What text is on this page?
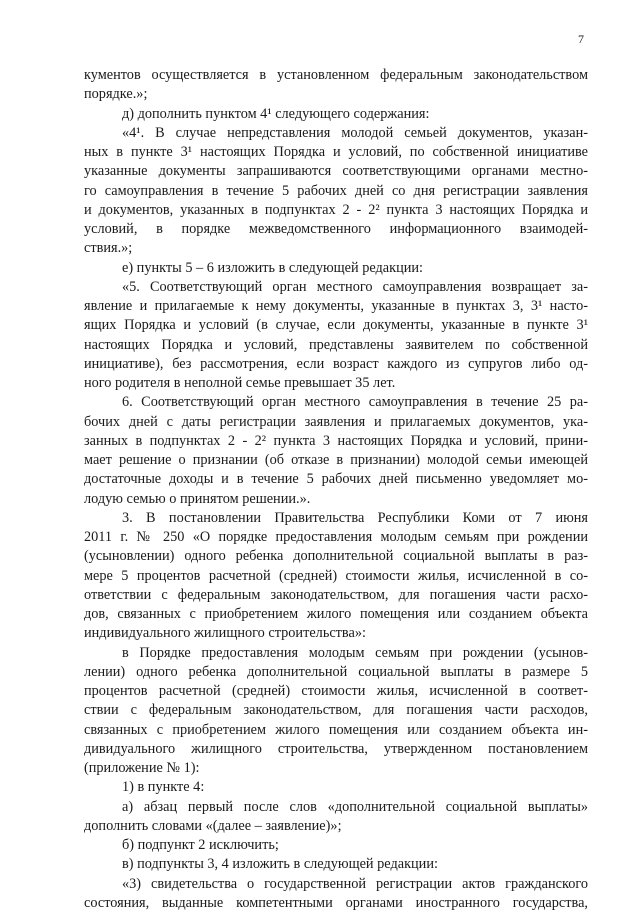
7
кументов осуществляется в установленном федеральным законодательством
порядке.»;
д) дополнить пунктом 4¹ следующего содержания:
«4¹. В случае непредставления молодой семьей документов, указан-
ных в пункте 3¹ настоящих Порядка и условий, по собственной инициативе
указанные документы запрашиваются соответствующими органами местно-
го самоуправления в течение 5 рабочих дней со дня регистрации заявления
и документов, указанных в подпунктах 2 - 2² пункта 3 настоящих Порядка и
условий, в порядке межведомственного информационного взаимодей-
ствия.»;
е) пункты 5 – 6 изложить в следующей редакции:
«5. Соответствующий орган местного самоуправления возвращает за-
явление и прилагаемые к нему документы, указанные в пунктах 3, 3¹ насто-
ящих Порядка и условий (в случае, если документы, указанные в пункте 3¹
настоящих Порядка и условий, представлены заявителем по собственной
инициативе), без рассмотрения, если возраст каждого из супругов либо од-
ного родителя в неполной семье превышает 35 лет.
6. Соответствующий орган местного самоуправления в течение 25 ра-
бочих дней с даты регистрации заявления и прилагаемых документов, ука-
занных в подпунктах 2 - 2² пункта 3 настоящих Порядка и условий, прини-
мает решение о признании (об отказе в признании) молодой семьи имеющей
достаточные доходы и в течение 5 рабочих дней письменно уведомляет мо-
лодую семью о принятом решении.».
3. В постановлении Правительства Республики Коми от 7 июня
2011 г. № 250 «О порядке предоставления молодым семьям при рождении
(усыновлении) одного ребенка дополнительной социальной выплаты в раз-
мере 5 процентов расчетной (средней) стоимости жилья, исчисленной в со-
ответствии с федеральным законодательством, для погашения части расхо-
дов, связанных с приобретением жилого помещения или созданием объекта
индивидуального жилищного строительства»:
в Порядке предоставления молодым семьям при рождении (усынов-
лении) одного ребенка дополнительной социальной выплаты в размере 5
процентов расчетной (средней) стоимости жилья, исчисленной в соответ-
ствии с федеральным законодательством, для погашения части расходов,
связанных с приобретением жилого помещения или созданием объекта ин-
дивидуального жилищного строительства, утвержденном постановлением
(приложение № 1):
1) в пункте 4:
а) абзац первый после слов «дополнительной социальной выплаты»
дополнить словами «(далее – заявление)»;
б) подпункт 2 исключить;
в) подпункты 3, 4 изложить в следующей редакции:
«3) свидетельства о государственной регистрации актов гражданского
состояния, выданные компетентными органами иностранного государства,
